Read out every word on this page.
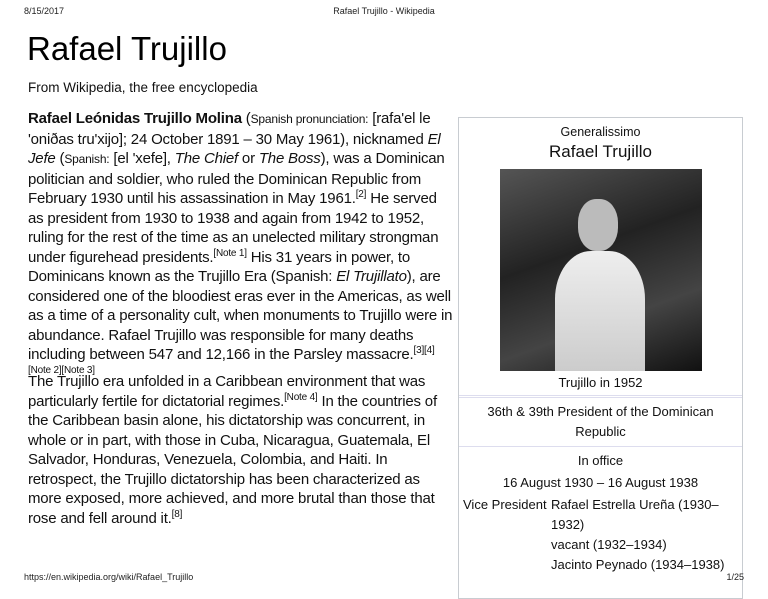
8/15/2017	Rafael Trujillo - Wikipedia
Rafael Trujillo
From Wikipedia, the free encyclopedia
Rafael Leónidas Trujillo Molina (Spanish pronunciation: [rafa'el le 'oniðas tɾu'xijo]; 24 October 1891 – 30 May 1961), nicknamed El Jefe (Spanish: [el 'xefe], The Chief or The Boss), was a Dominican politician and soldier, who ruled the Dominican Republic from February 1930 until his assassination in May 1961.[2] He served as president from 1930 to 1938 and again from 1942 to 1952, ruling for the rest of the time as an unelected military strongman under figurehead presidents.[Note 1] His 31 years in power, to Dominicans known as the Trujillo Era (Spanish: El Trujillato), are considered one of the bloodiest eras ever in the Americas, as well as a time of a personality cult, when monuments to Trujillo were in abundance. Rafael Trujillo was responsible for many deaths including between 547 and 12,166 in the Parsley massacre.[3][4][Note 2][Note 3]
The Trujillo era unfolded in a Caribbean environment that was particularly fertile for dictatorial regimes.[Note 4] In the countries of the Caribbean basin alone, his dictatorship was concurrent, in whole or in part, with those in Cuba, Nicaragua, Guatemala, El Salvador, Honduras, Venezuela, Colombia, and Haiti. In retrospect, the Trujillo dictatorship has been characterized as more exposed, more achieved, and more brutal than those that rose and fell around it.[8]
Generalissimo
Rafael Trujillo
Trujillo in 1952
36th & 39th President of the Dominican Republic
In office
16 August 1930 – 16 August 1938
Vice President Rafael Estrella Ureña (1930–1932)
vacant (1932–1934)
Jacinto Peynado (1934–1938)
https://en.wikipedia.org/wiki/Rafael_Trujillo	1/25
